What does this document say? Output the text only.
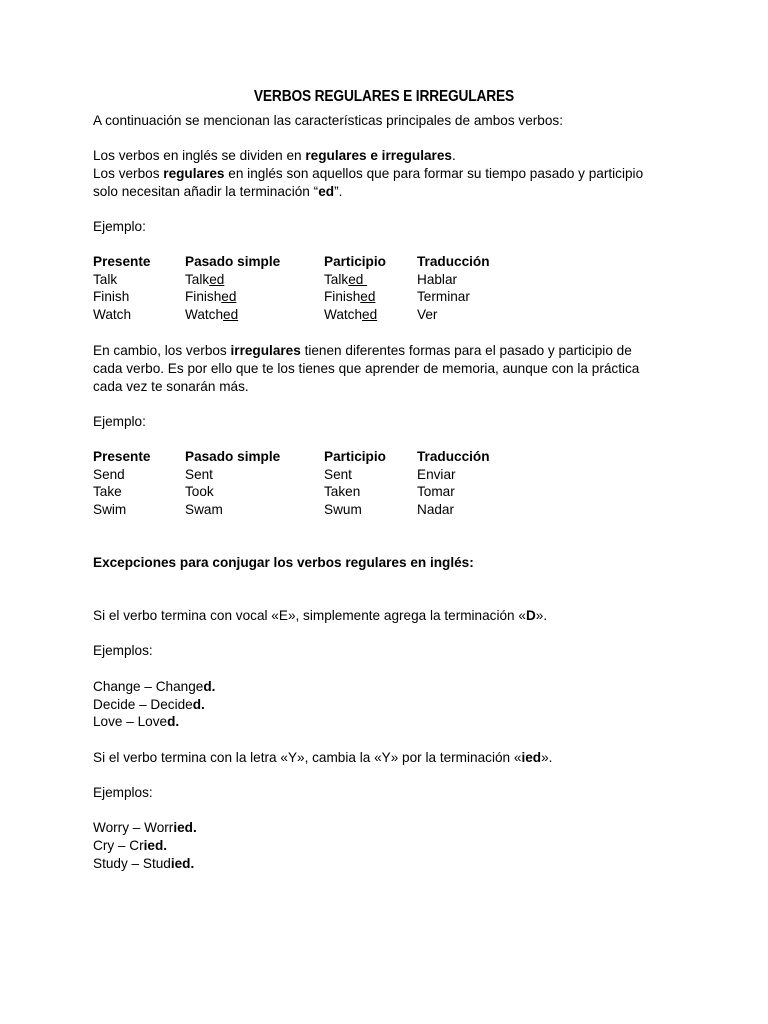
VERBOS REGULARES E IRREGULARES
A continuación se mencionan las características principales de ambos verbos:
Los verbos en inglés se dividen en regulares e irregulares.
Los verbos regulares en inglés son aquellos que para formar su tiempo pasado y participio
solo necesitan añadir la terminación “ed”.
Ejemplo:
Presente	Pasado simple	Participio Traducción
Talk	Talked	Talked	Hablar
Finish	Finished	Finished	Terminar
Watch	Watched	Watched	Ver
En cambio, los verbos irregulares tienen diferentes formas para el pasado y participio de
cada verbo. Es por ello que te los tienes que aprender de memoria, aunque con la práctica
cada vez te sonarán más.
Ejemplo:
Presente	Pasado simple	Participio Traducción
Send	Sent	Sent	Enviar
Take	Took	Taken	Tomar
Swim	Swam	Swum	Nadar
Excepciones para conjugar los verbos regulares en inglés:
Si el verbo termina con vocal «E», simplemente agrega la terminación «D».
Ejemplos:
Change – Changed.
Decide – Decided.
Love – Loved.
Si el verbo termina con la letra «Y», cambia la «Y» por la terminación «ied».
Ejemplos:
Worry – Worried.
Cry – Cried.
Study – Studied.
